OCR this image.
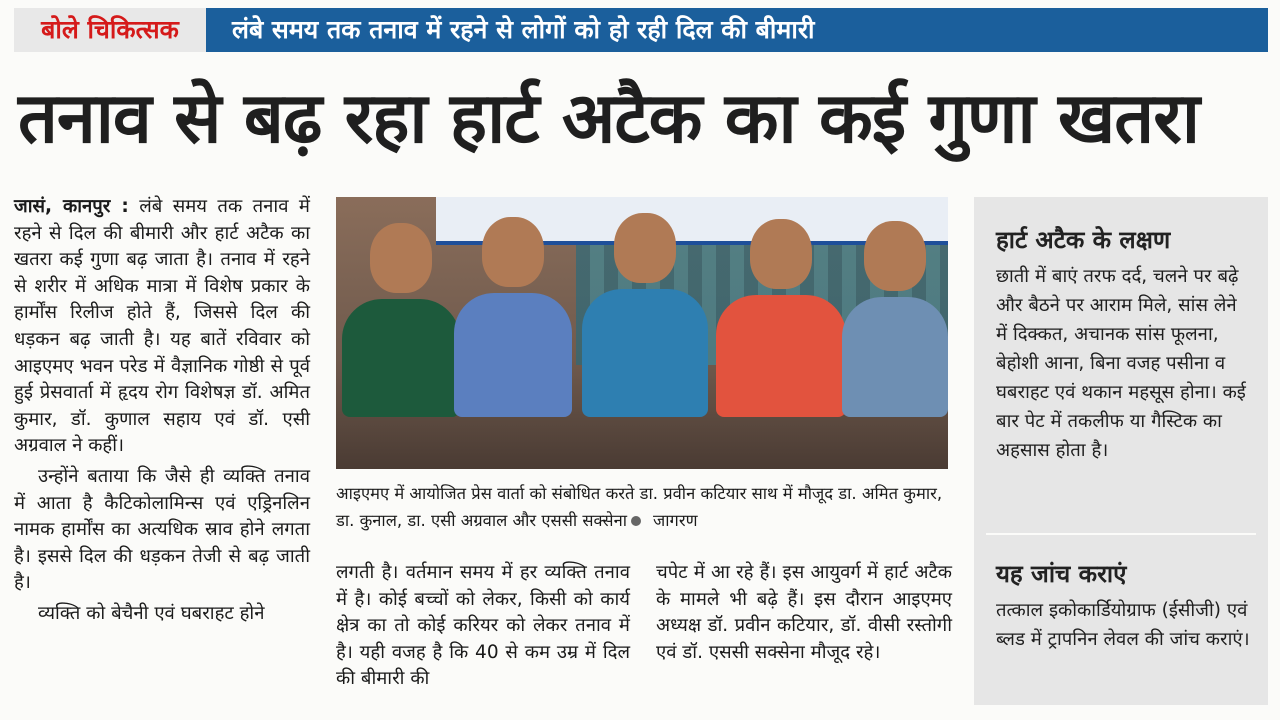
बोले चिकित्सक	लंबे समय तक तनाव में रहने से लोगों को हो रही दिल की बीमारी
तनाव से बढ़ रहा हार्ट अटैक का कई गुणा खतरा

जासं, कानपुर : लंबे समय तक तनाव में रहने से दिल की बीमारी और हार्ट अटैक का खतरा कई गुणा बढ़ जाता है। तनाव में रहने से शरीर में अधिक मात्रा में विशेष प्रकार के हार्मोंस रिलीज होते हैं, जिससे दिल की धड़कन बढ़ जाती है। यह बातें रविवार को आइएमए भवन परेड में वैज्ञानिक गोष्ठी से पूर्व हुई प्रेसवार्ता में हृदय रोग विशेषज्ञ डॉ. अमित कुमार, डॉ. कुणाल सहाय एवं डॉ. एसी अग्रवाल ने कहीं।

उन्होंने बताया कि जैसे ही व्यक्ति तनाव में आता है कैटिकोलामिन्स एवं एड्रिनलिन नामक हार्मोंस का अत्यधिक स्राव होने लगता है। इससे दिल की धड़कन तेजी से बढ़ जाती है।

व्यक्ति को बेचैनी एवं घबराहट होने

आइएमए में आयोजित प्रेस वार्ता को संबोधित करते डा. प्रवीन कटियार साथ में मौजूद डा. अमित कुमार, डा. कुनाल, डा. एसी अग्रवाल और एससी सक्सेना जागरण
लगती है। वर्तमान समय में हर व्यक्ति तनाव में है। कोई बच्चों को लेकर, किसी को कार्य क्षेत्र का तो कोई करियर को लेकर तनाव में है। यही वजह है कि 40 से कम उम्र में दिल की बीमारी की
चपेट में आ रहे हैं। इस आयुवर्ग में हार्ट अटैक के मामले भी बढ़े हैं। इस दौरान आइएमए अध्यक्ष डॉ. प्रवीन कटियार, डॉ. वीसी रस्तोगी एवं डॉ. एससी सक्सेना मौजूद रहे।
हार्ट अटैक के लक्षण

छाती में बाएं तरफ दर्द, चलने पर बढ़े और बैठने पर आराम मिले, सांस लेने में दिक्कत, अचानक सांस फूलना, बेहोशी आना, बिना वजह पसीना व घबराहट एवं थकान महसूस होना। कई बार पेट में तकलीफ या गैस्टिक का अहसास होता है।

यह जांच कराएं

तत्काल इकोकार्डियोग्राफ (ईसीजी) एवं ब्लड में ट्रापनिन लेवल की जांच कराएं।
